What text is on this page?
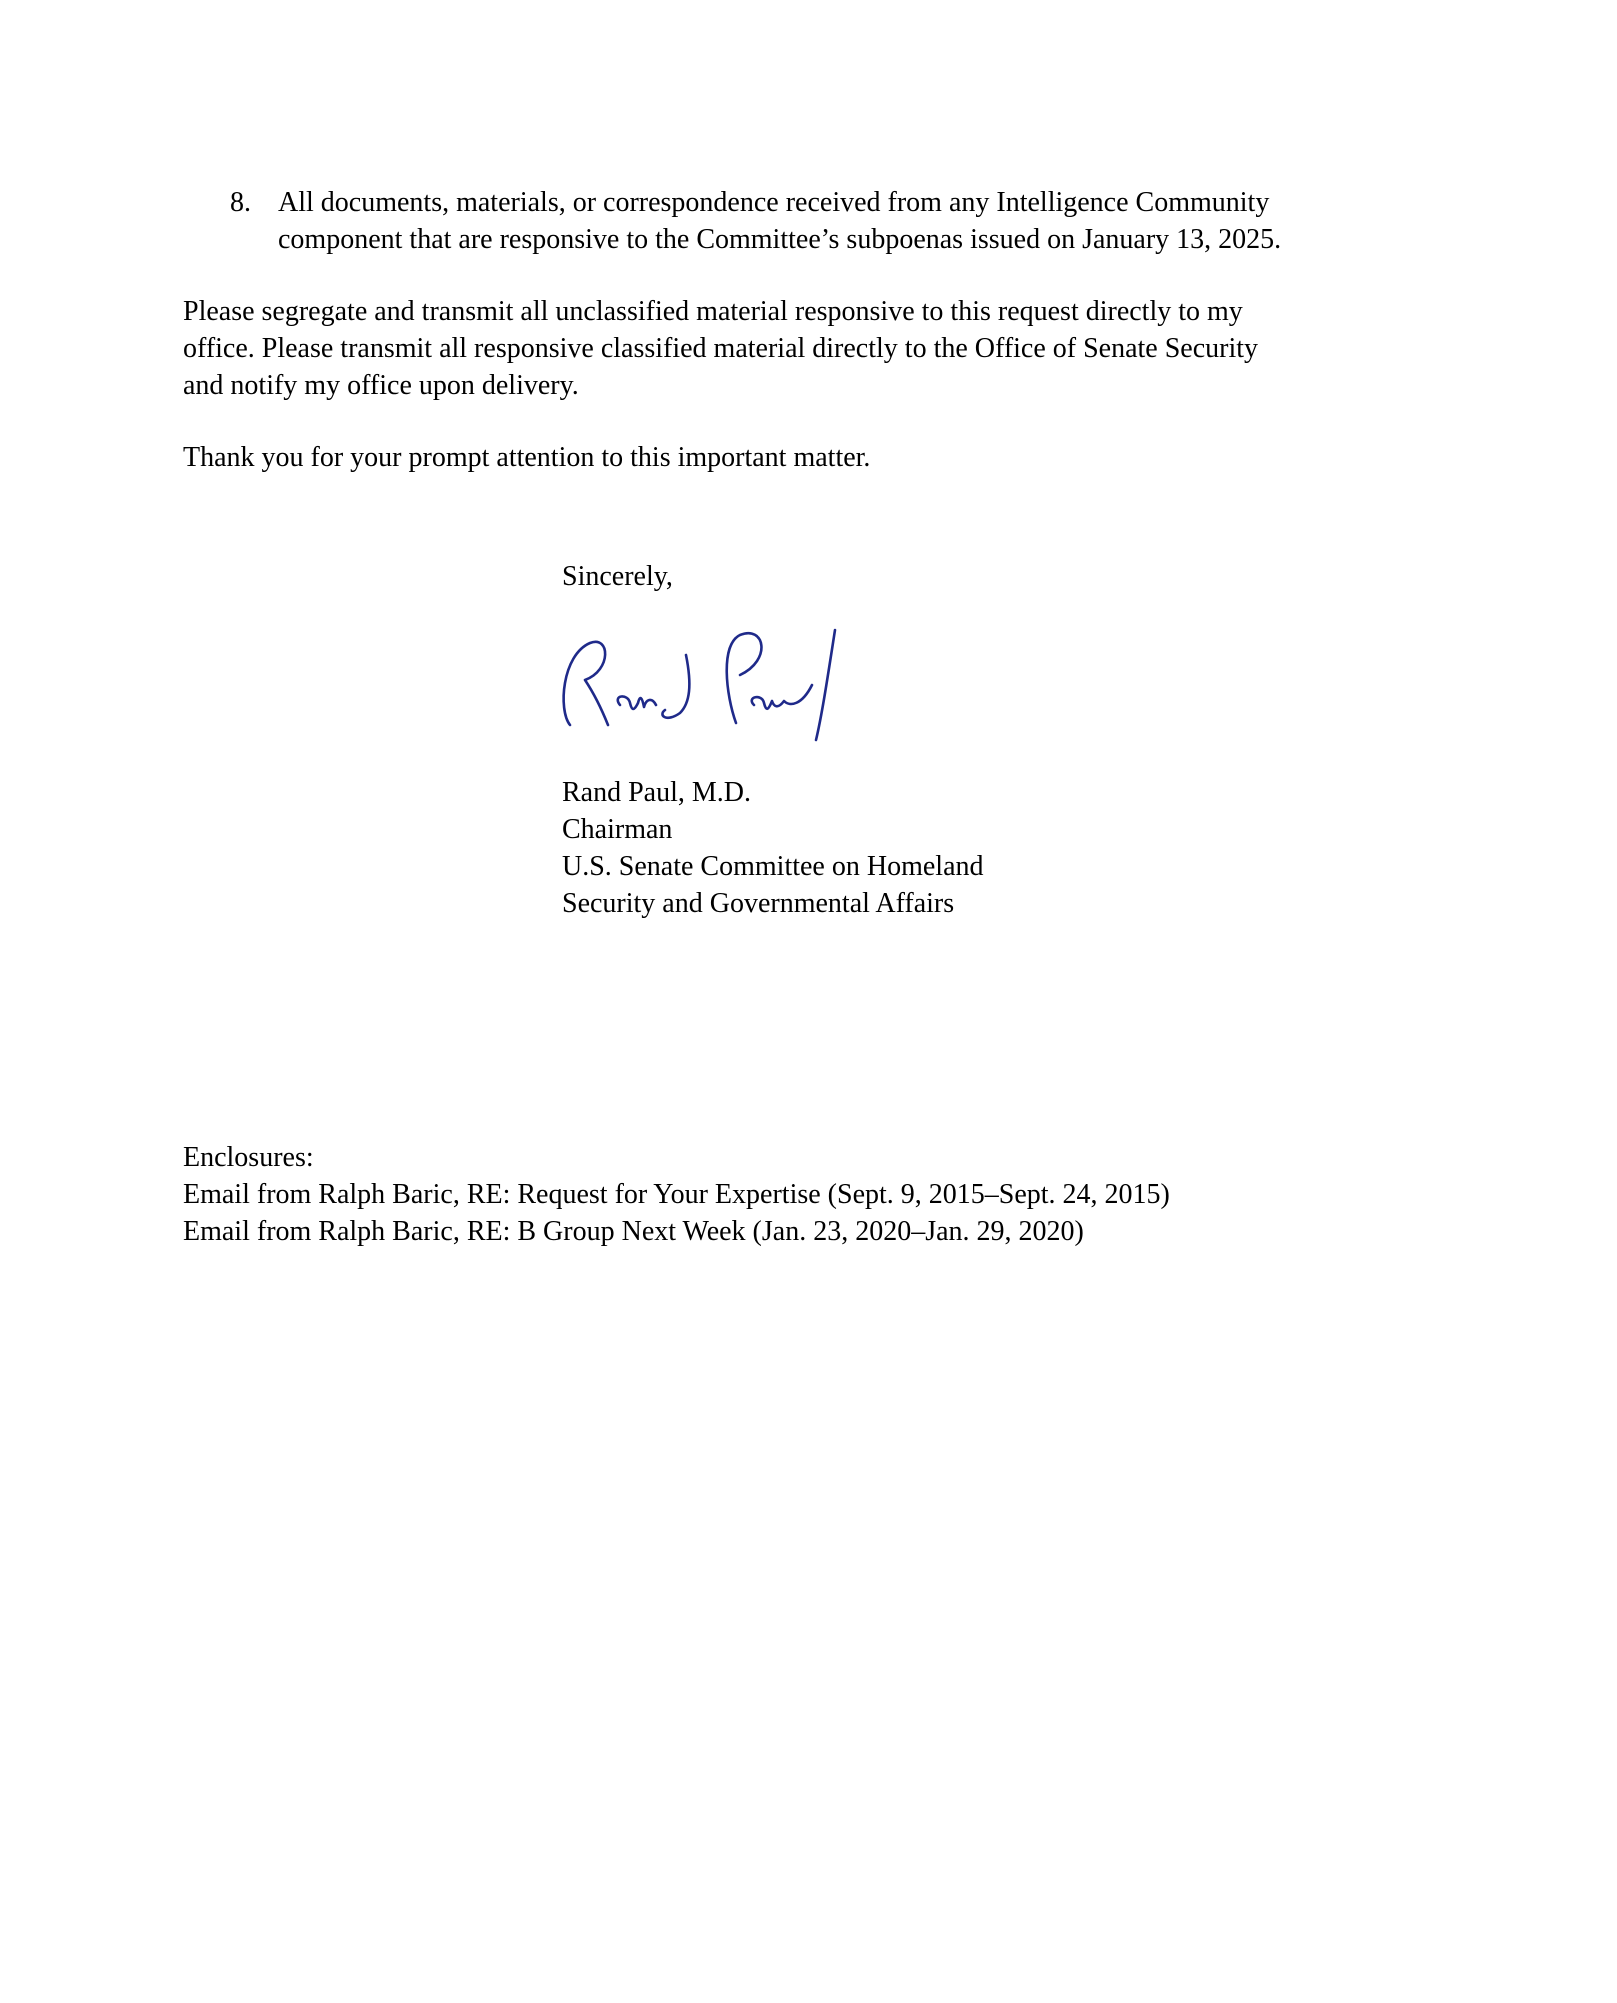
8. All documents, materials, or correspondence received from any Intelligence Community
component that are responsive to the Committee’s subpoenas issued on January 13, 2025.
Please segregate and transmit all unclassified material responsive to this request directly to my
office. Please transmit all responsive classified material directly to the Office of Senate Security
and notify my office upon delivery.
Thank you for your prompt attention to this important matter.
Sincerely,
Rand Paul, M.D.
Chairman
U.S. Senate Committee on Homeland
Security and Governmental Affairs
Enclosures:
Email from Ralph Baric, RE: Request for Your Expertise (Sept. 9, 2015–Sept. 24, 2015)
Email from Ralph Baric, RE: B Group Next Week (Jan. 23, 2020–Jan. 29, 2020)
